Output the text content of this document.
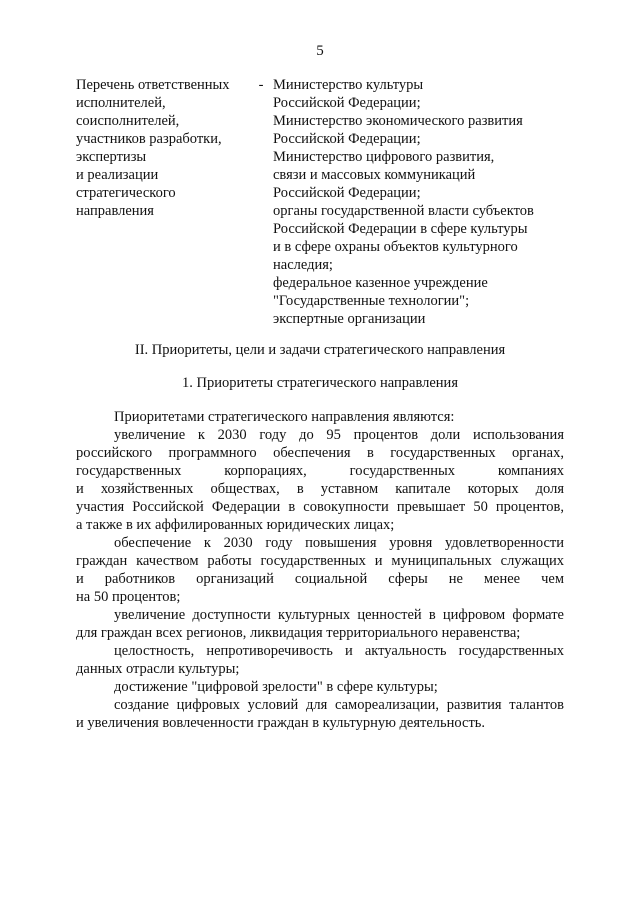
5
Перечень ответственных
исполнителей,
соисполнителей,
участников разработки,
экспертизы
и реализации
стратегического
направления
- Министерство культуры
Российской Федерации;
Министерство экономического развития
Российской Федерации;
Министерство цифрового развития,
связи и массовых коммуникаций
Российской Федерации;
органы государственной власти субъектов
Российской Федерации в сфере культуры
и в сфере охраны объектов культурного
наследия;
федеральное казенное учреждение
"Государственные технологии";
экспертные организации
II. Приоритеты, цели и задачи стратегического направления
1. Приоритеты стратегического направления
Приоритетами стратегического направления являются:
увеличение к 2030 году до 95 процентов доли использования
российского программного обеспечения в государственных органах,
государственных корпорациях, государственных компаниях
и хозяйственных обществах, в уставном капитале которых доля
участия Российской Федерации в совокупности превышает 50 процентов,
а также в их аффилированных юридических лицах;
обеспечение к 2030 году повышения уровня удовлетворенности
граждан качеством работы государственных и муниципальных служащих
и работников организаций социальной сферы не менее чем
на 50 процентов;
увеличение доступности культурных ценностей в цифровом формате
для граждан всех регионов, ликвидация территориального неравенства;
целостность, непротиворечивость и актуальность государственных
данных отрасли культуры;
достижение "цифровой зрелости" в сфере культуры;
создание цифровых условий для самореализации, развития талантов
и увеличения вовлеченности граждан в культурную деятельность.
